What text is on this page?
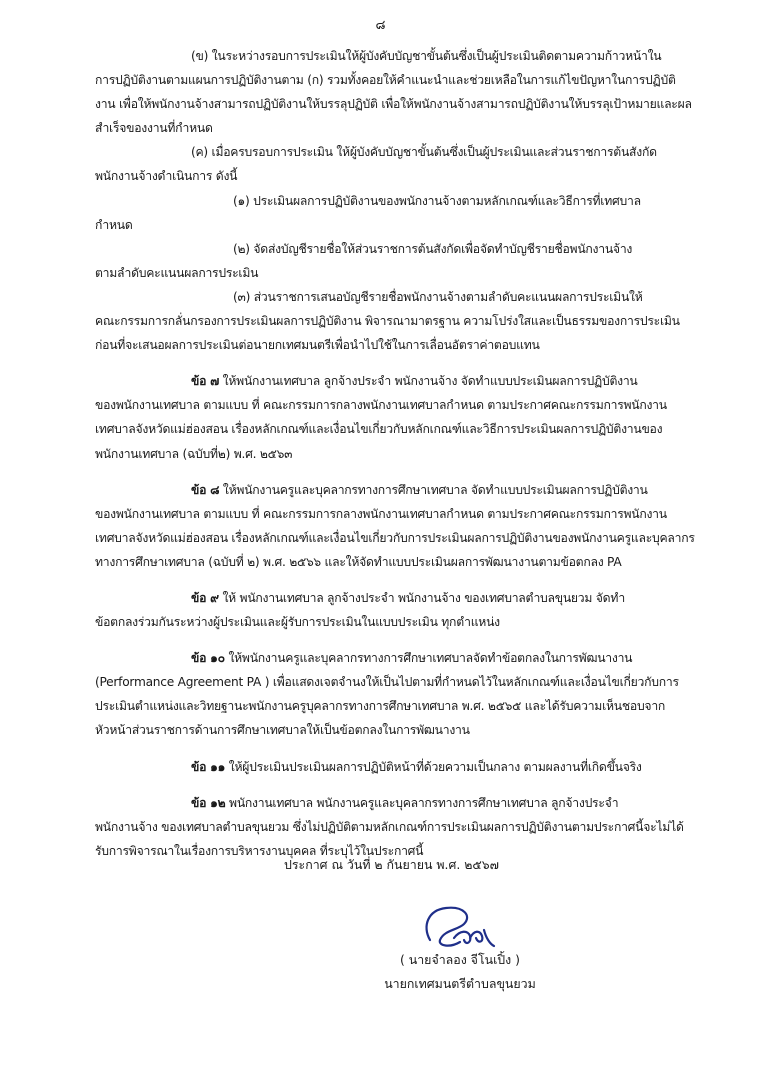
๘

(ข) ในระหว่างรอบการประเมินให้ผู้บังคับบัญชาขั้นต้นซึ่งเป็นผู้ประเมินติดตามความก้าวหน้าใน
การปฏิบัติงานตามแผนการปฏิบัติงานตาม (ก) รวมทั้งคอยให้คำแนะนำและช่วยเหลือในการแก้ไขปัญหาในการปฏิบัติงาน เพื่อให้พนักงานจ้างสามารถปฏิบัติงานให้บรรลุปฏิบัติ เพื่อให้พนักงานจ้างสามารถปฏิบัติงานให้บรรลุเป้าหมายและผลสำเร็จของงานที่กำหนด

(ค) เมื่อครบรอบการประเมิน ให้ผู้บังคับบัญชาขั้นต้นซึ่งเป็นผู้ประเมินและส่วนราชการต้นสังกัด
พนักงานจ้างดำเนินการ ดังนี้

(๑) ประเมินผลการปฏิบัติงานของพนักงานจ้างตามหลักเกณฑ์และวิธีการที่เทศบาล
กำหนด

(๒) จัดส่งบัญชีรายชื่อให้ส่วนราชการต้นสังกัดเพื่อจัดทำบัญชีรายชื่อพนักงานจ้าง
ตามลำดับคะแนนผลการประเมิน

(๓) ส่วนราชการเสนอบัญชีรายชื่อพนักงานจ้างตามลำดับคะแนนผลการประเมินให้
คณะกรรมการกลั่นกรองการประเมินผลการปฏิบัติงาน พิจารณามาตรฐาน ความโปร่งใสและเป็นธรรมของการประเมิน ก่อนที่จะเสนอผลการประเมินต่อนายกเทศมนตรีเพื่อนำไปใช้ในการเลื่อนอัตราค่าตอบแทน

ข้อ ๗ ให้พนักงานเทศบาล ลูกจ้างประจำ พนักงานจ้าง จัดทำแบบประเมินผลการปฏิบัติงาน
ของพนักงานเทศบาล ตามแบบ ที่ คณะกรรมการกลางพนักงานเทศบาลกำหนด ตามประกาศคณะกรรมการพนักงานเทศบาลจังหวัดแม่ฮ่องสอน เรื่องหลักเกณฑ์และเงื่อนไขเกี่ยวกับหลักเกณฑ์และวิธีการประเมินผลการปฏิบัติงานของพนักงานเทศบาล (ฉบับที่๒) พ.ศ. ๒๕๖๓

ข้อ ๘ ให้พนักงานครูและบุคลากรทางการศึกษาเทศบาล จัดทำแบบประเมินผลการปฏิบัติงาน
ของพนักงานเทศบาล ตามแบบ ที่ คณะกรรมการกลางพนักงานเทศบาลกำหนด ตามประกาศคณะกรรมการพนักงานเทศบาลจังหวัดแม่ฮ่องสอน เรื่องหลักเกณฑ์และเงื่อนไขเกี่ยวกับการประเมินผลการปฏิบัติงานของพนักงานครูและบุคลากรทางการศึกษาเทศบาล (ฉบับที่ ๒) พ.ศ. ๒๕๖๖ และให้จัดทำแบบประเมินผลการพัฒนางานตามข้อตกลง PA

ข้อ ๙ ให้ พนักงานเทศบาล ลูกจ้างประจำ พนักงานจ้าง ของเทศบาลตำบลขุนยวม จัดทำ
ข้อตกลงร่วมกันระหว่างผู้ประเมินและผู้รับการประเมินในแบบประเมิน ทุกตำแหน่ง

ข้อ ๑๐ ให้พนักงานครูและบุคลากรทางการศึกษาเทศบาลจัดทำข้อตกลงในการพัฒนางาน
(Performance Agreement PA ) เพื่อแสดงเจตจำนงให้เป็นไปตามที่กำหนดไว้ในหลักเกณฑ์และเงื่อนไขเกี่ยวกับการประเมินตำแหน่งและวิทยฐานะพนักงานครูบุคลากรทางการศึกษาเทศบาล พ.ศ. ๒๕๖๕ และได้รับความเห็นชอบจากหัวหน้าส่วนราชการด้านการศึกษาเทศบาลให้เป็นข้อตกลงในการพัฒนางาน

ข้อ ๑๑ ให้ผู้ประเมินประเมินผลการปฏิบัติหน้าที่ด้วยความเป็นกลาง ตามผลงานที่เกิดขึ้นจริง

ข้อ ๑๒ พนักงานเทศบาล พนักงานครูและบุคลากรทางการศึกษาเทศบาล ลูกจ้างประจำ
พนักงานจ้าง ของเทศบาลตำบลขุนยวม ซึ่งไม่ปฏิบัติตามหลักเกณฑ์การประเมินผลการปฏิบัติงานตามประกาศนี้จะไม่ได้รับการพิจารณาในเรื่องการบริหารงานบุคคล ที่ระบุไว้ในประกาศนี้

ประกาศ ณ วันที่ ๒ กันยายน พ.ศ. ๒๕๖๗
( นายจำลอง จีโนเปิ้ง )
นายกเทศมนตรีตำบลขุนยวม
